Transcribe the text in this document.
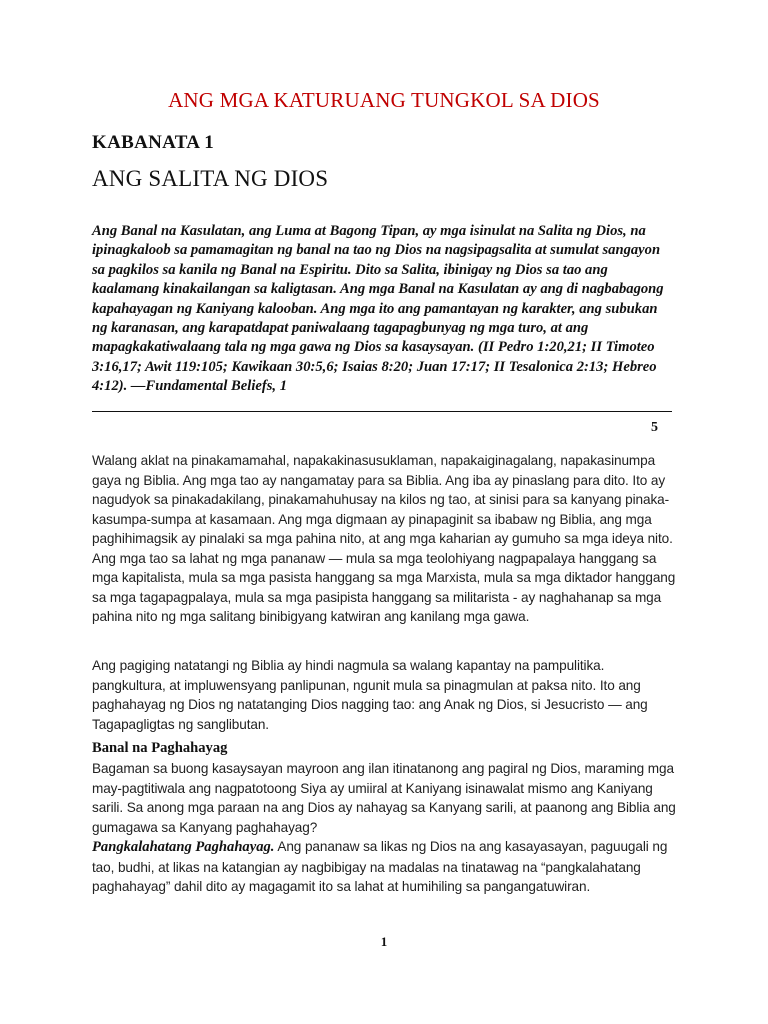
ANG MGA KATURUANG TUNGKOL SA DIOS
KABANATA 1
ANG SALITA NG DIOS

Ang Banal na Kasulatan, ang Luma at Bagong Tipan, ay mga isinulat na Salita ng Dios, na ipinagkaloob sa pamamagitan ng banal na tao ng Dios na nagsipagsalita at sumulat sangayon sa pagkilos sa kanila ng Banal na Espiritu. Dito sa Salita, ibinigay ng Dios sa tao ang kaalamang kinakailangan sa kaligtasan. Ang mga Banal na Kasulatan ay ang di nagbabagong kapahayagan ng Kaniyang kalooban. Ang mga ito ang pamantayan ng karakter, ang subukan ng karanasan, ang karapatdapat paniwalaang tagapagbunyag ng mga turo, at ang mapagkakatiwalaang tala ng mga gawa ng Dios sa kasaysayan. (II Pedro 1:20,21; II Timoteo 3:16,17; Awit 119:105; Kawikaan 30:5,6; Isaias 8:20; Juan 17:17; II Tesalonica 2:13; Hebreo 4:12). —Fundamental Beliefs, 1

5

Walang aklat na pinakamamahal, napakakinasusuklaman, napakaiginagalang, napakasinumpa gaya ng Biblia. Ang mga tao ay nangamatay para sa Biblia. Ang iba ay pinaslang para dito. Ito ay nagudyok sa pinakadakilang, pinakamahuhusay na kilos ng tao, at sinisi para sa kanyang pinaka-kasumpa-sumpa at kasamaan. Ang mga digmaan ay pinapaginit sa ibabaw ng Biblia, ang mga paghihimagsik ay pinalaki sa mga pahina nito, at ang mga kaharian ay gumuho sa mga ideya nito. Ang mga tao sa lahat ng mga pananaw — mula sa mga teolohiyang nagpapalaya hanggang sa mga kapitalista, mula sa mga pasista hanggang sa mga Marxista, mula sa mga diktador hanggang sa mga tagapagpalaya, mula sa mga pasipista hanggang sa militarista - ay naghahanap sa mga pahina nito ng mga salitang binibigyang katwiran ang kanilang mga gawa.

Ang pagiging natatangi ng Biblia ay hindi nagmula sa walang kapantay na pampulitika. pangkultura, at impluwensyang panlipunan, ngunit mula sa pinagmulan at paksa nito. Ito ang paghahayag ng Dios ng natatanging Dios nagging tao: ang Anak ng Dios, si Jesucristo — ang Tagapagligtas ng sanglibutan.

Banal na Paghahayag

Bagaman sa buong kasaysayan mayroon ang ilan itinatanong ang pagiral ng Dios, maraming mga may-pagtitiwala ang nagpatotoong Siya ay umiiral at Kaniyang isinawalat mismo ang Kaniyang sarili. Sa anong mga paraan na ang Dios ay nahayag sa Kanyang sarili, at paanong ang Biblia ang gumagawa sa Kanyang paghahayag?

Pangkalahatang Paghahayag. Ang pananaw sa likas ng Dios na ang kasayasayan, paguugali ng tao, budhi, at likas na katangian ay nagbibigay na madalas na tinatawag na “pangkalahatang paghahayag” dahil dito ay magagamit ito sa lahat at humihiling sa pangangatuwiran.

1
